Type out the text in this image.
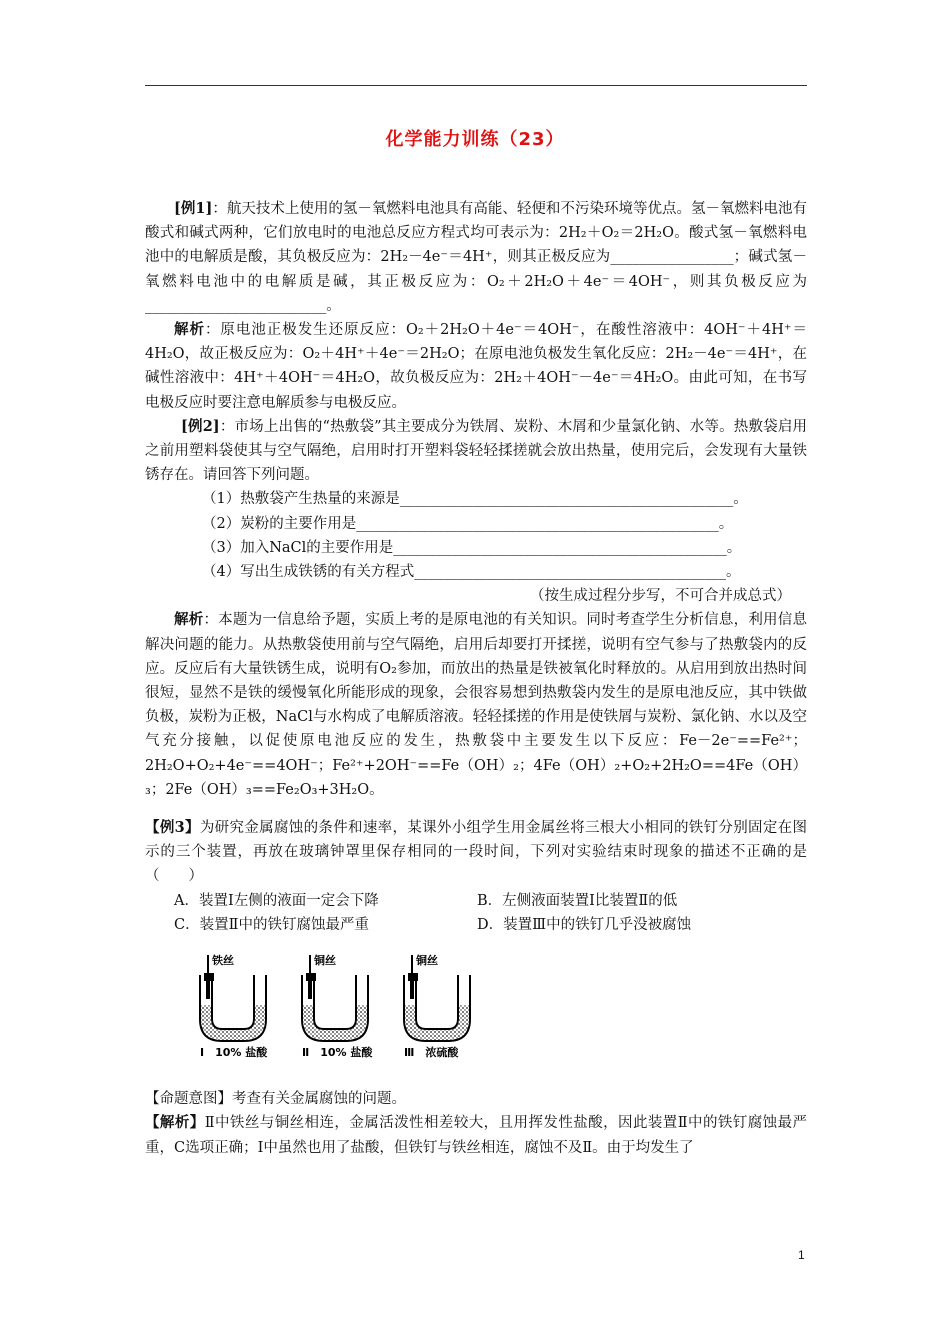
化学能力训练（23）

[例1]：航天技术上使用的氢－氧燃料电池具有高能、轻便和不污染环境等优点。氢－氧燃料电池有酸式和碱式两种，它们放电时的电池总反应方程式均可表示为：2H₂＋O₂＝2H₂O。酸式氢－氧燃料电池中的电解质是酸，其负极反应为：2H₂－4e⁻＝4H⁺，则其正极反应为_________________；碱式氢－氧燃料电池中的电解质是碱，其正极反应为：O₂＋2H₂O＋4e⁻＝4OH⁻，则其负极反应为_________________________。

解析：原电池正极发生还原反应：O₂＋2H₂O＋4e⁻＝4OH⁻，在酸性溶液中：4OH⁻＋4H⁺＝4H₂O，故正极反应为：O₂＋4H⁺＋4e⁻＝2H₂O；在原电池负极发生氧化反应：2H₂－4e⁻＝4H⁺，在碱性溶液中：4H⁺＋4OH⁻＝4H₂O，故负极反应为：2H₂＋4OH⁻－4e⁻＝4H₂O。由此可知，在书写电极反应时要注意电解质参与电极反应。

[例2]：市场上出售的“热敷袋”其主要成分为铁屑、炭粉、木屑和少量氯化钠、水等。热敷袋启用之前用塑料袋使其与空气隔绝，启用时打开塑料袋轻轻揉搓就会放出热量，使用完后，会发现有大量铁锈存在。请回答下列问题。

（1）热敷袋产生热量的来源是______________________________________________。

（2）炭粉的主要作用是__________________________________________________。

（3）加入NaCl的主要作用是______________________________________________。

（4）写出生成铁锈的有关方程式___________________________________________。

（按生成过程分步写，不可合并成总式）

解析：本题为一信息给予题，实质上考的是原电池的有关知识。同时考查学生分析信息，利用信息解决问题的能力。从热敷袋使用前与空气隔绝，启用后却要打开揉搓，说明有空气参与了热敷袋内的反应。反应后有大量铁锈生成，说明有O₂参加，而放出的热量是铁被氧化时释放的。从启用到放出热时间很短，显然不是铁的缓慢氧化所能形成的现象，会很容易想到热敷袋内发生的是原电池反应，其中铁做负极，炭粉为正极，NaCl与水构成了电解质溶液。轻轻揉搓的作用是使铁屑与炭粉、氯化钠、水以及空气充分接触，以促使原电池反应的发生，热敷袋中主要发生以下反应：Fe－2e⁻==Fe²⁺；2H₂O+O₂+4e⁻==4OH⁻；Fe²⁺+2OH⁻==Fe（OH）₂；4Fe（OH）₂+O₂+2H₂O==4Fe（OH）₃；2Fe（OH）₃==Fe₂O₃+3H₂O。

【例3】为研究金属腐蚀的条件和速率，某课外小组学生用金属丝将三根大小相同的铁钉分别固定在图示的三个装置，再放在玻璃钟罩里保存相同的一段时间，下列对实验结束时现象的描述不正确的是（　　）

A．装置Ⅰ左侧的液面一定会下降	B．左侧液面装置Ⅰ比装置Ⅱ的低
C．装置Ⅱ中的铁钉腐蚀最严重	D．装置Ⅲ中的铁钉几乎没被腐蚀
铁丝
Ⅰ　10% 盐酸
铜丝
Ⅱ　10% 盐酸
铜丝
Ⅲ　浓硫酸

【命题意图】考查有关金属腐蚀的问题。

【解析】Ⅱ中铁丝与铜丝相连，金属活泼性相差较大，且用挥发性盐酸，因此装置Ⅱ中的铁钉腐蚀最严重，C选项正确；Ⅰ中虽然也用了盐酸，但铁钉与铁丝相连，腐蚀不及Ⅱ。由于均发生了

1
